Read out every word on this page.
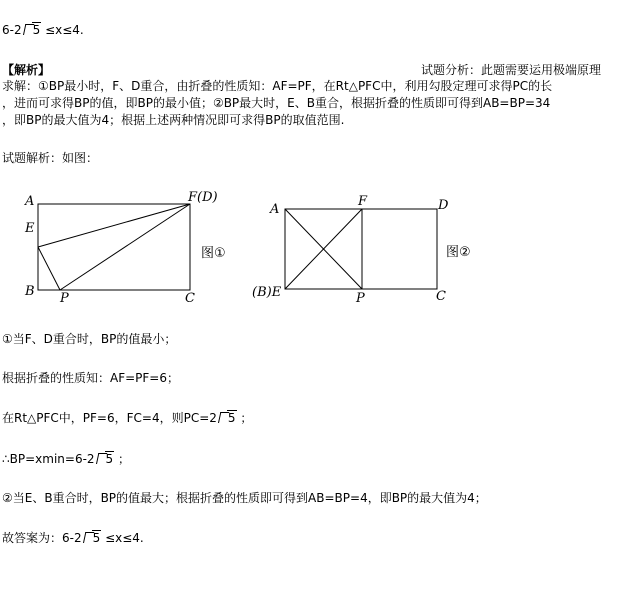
6-2 5 ≤x≤4.
【解析】	试题分析：此题需要运用极端原理
求解：①BP最小时，F、D重合，由折叠的性质知：AF=PF，在Rt△PFC中，利用勾股定理可求得PC的长
，进而可求得BP的值，即BP的最小值；②BP最大时，E、B重合，根据折叠的性质即可得到AB=BP=34
，即BP的最大值为4；根据上述两种情况即可求得BP的取值范围.
试题解析：如图：
A
E
B P	C
F(D)
图①
A
F	D
(B)E	P	C
图②
①当F、D重合时，BP的值最小；
根据折叠的性质知：AF=PF=6；
在Rt△PFC中，PF=6，FC=4，则PC=2 5 ；
∴BP=xmin=6-2 5 ；
②当E、B重合时，BP的值最大；根据折叠的性质即可得到AB=BP=4，即BP的最大值为4；
故答案为：6-2 5 ≤x≤4.
